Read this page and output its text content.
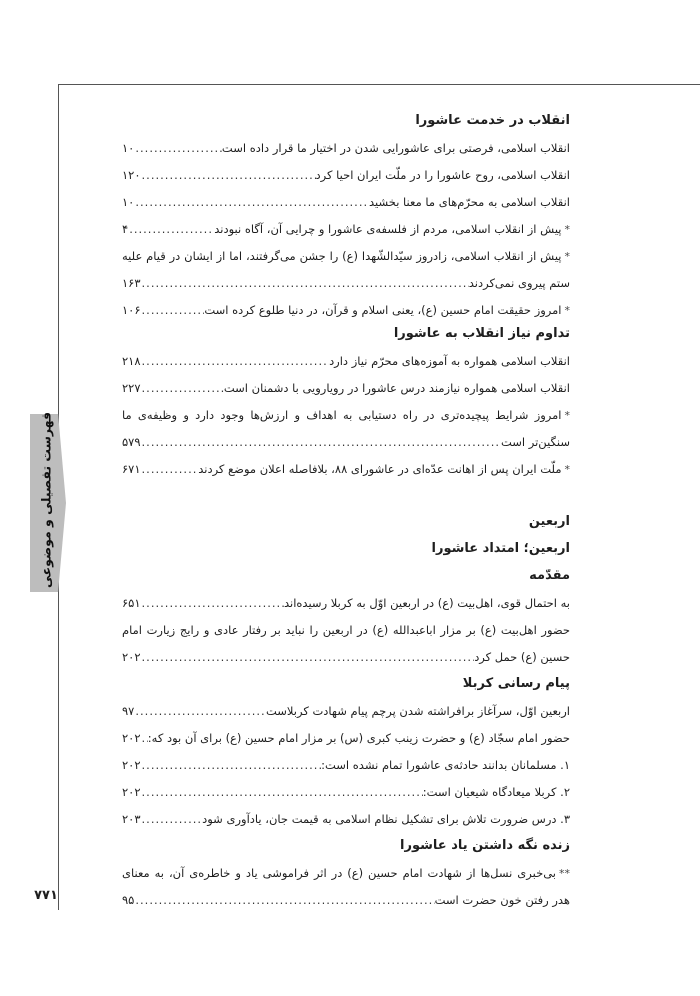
فهرست تفصیلی و موضوعی
۷۷۱
انقلاب در خدمت عاشورا
انقلاب اسلامی، فرصتی برای عاشورایی شدن در اختیار ما قرار داده است
.....
۱۰
انقلاب اسلامی، روح عاشورا را در ملّت ایران احیا کرد
.....
۱۲۰
انقلاب اسلامی به محرّم‌های ما معنا بخشید
.....
۱۰
*پیش از انقلاب اسلامی، مردم از فلسفه‌ی عاشورا و چرایی آن، آگاه نبودند
.....
۴
*پیش از انقلاب اسلامی، زادروز سیّدالشّهدا (ع) را جشن می‌گرفتند، اما از ایشان در قیام علیه
ستم پیروی نمی‌کردند
.....
۱۶۳
*امروز حقیقت امام حسین (ع)، یعنی اسلام و قرآن، در دنیا طلوع کرده است
.....
۱۰۶
تداوم نیاز انقلاب به عاشورا
انقلاب اسلامی همواره به آموزه‌های محرّم نیاز دارد
.....
۲۱۸
انقلاب اسلامی همواره نیازمند درس عاشورا در رویارویی با دشمنان است
.....
۲۲۷
*امروز شرایط پیچیده‌تری در راه دستیابی به اهداف و ارزش‌ها وجود دارد و وظیفه‌ی ما
سنگین‌تر است
.....
۵۷۹
*ملّت ایران پس از اهانت عدّه‌ای در عاشورای ۸۸، بلافاصله اعلان موضع کردند
.....
۶۷۱
اربعین
اربعین؛ امتداد عاشورا
مقدّمه
به احتمال قوی، اهل‌بیت (ع) در اربعین اوّل به کربلا رسیده‌اند
.....
۶۵۱
حضور اهل‌بیت (ع) بر مزار اباعبدالله (ع) در اربعین را نباید بر رفتار عادی و رایج زیارت امام
حسین (ع) حمل کرد
.....
۲۰۲
پیام رسانی کربلا
اربعین اوّل، سرآغاز برافراشته شدن پرچم پیام شهادت کربلاست
.....
۹۷
حضور امام سجّاد (ع) و حضرت زینب کبری (س) بر مزار امام حسین (ع) برای آن بود که:
.....
۲۰۲
۱. مسلمانان بدانند حادثه‌ی عاشورا تمام نشده است:
.....
۲۰۲
۲. کربلا میعادگاه شیعیان است:
.....
۲۰۲
۳. درس ضرورت تلاش برای تشکیل نظام اسلامی به قیمت جان، یادآوری شود
.....
۲۰۳
زنده نگه داشتن یاد عاشورا
**بی‌خبری نسل‌ها از شهادت امام حسین (ع) در اثر فراموشی یاد و خاطره‌ی آن، به معنای
هدر رفتن خون حضرت است
.....
۹۵
